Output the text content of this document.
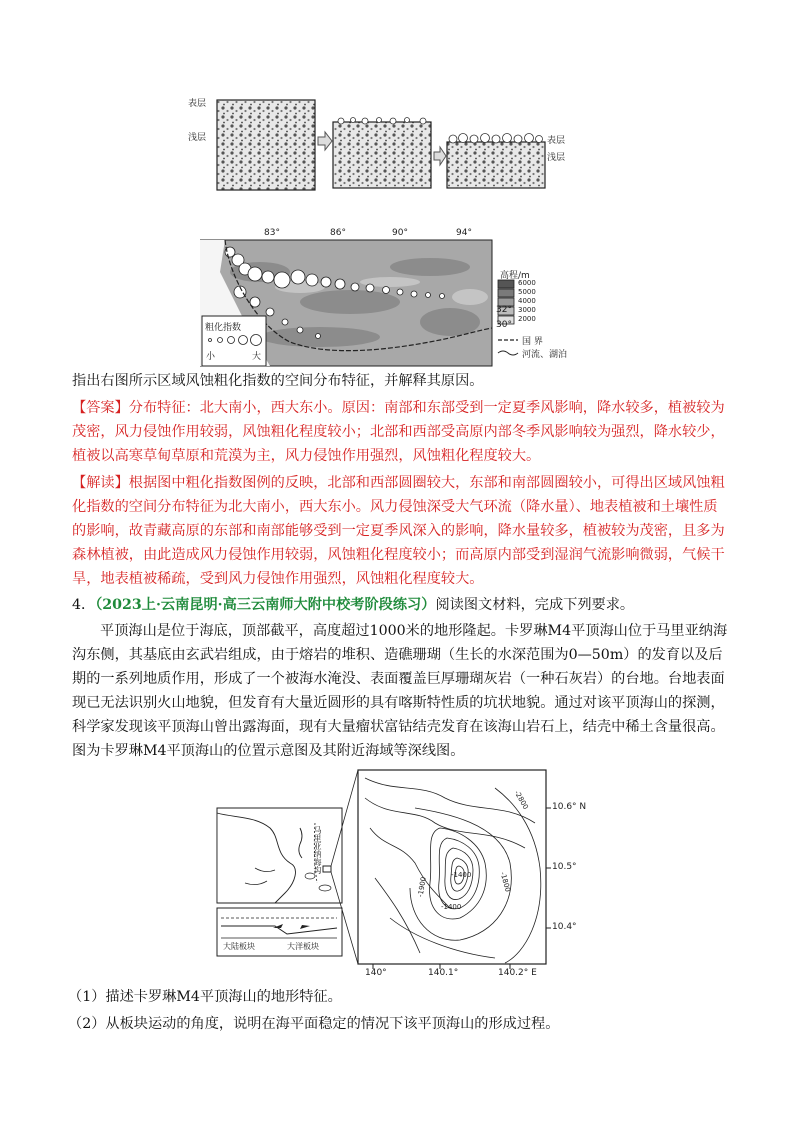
表层
浅层	表层
浅层
83°	86°	90°	94°
32°
30°
高程/m
6000
5000
4000
3000
2000
粗化指数
小	大
国 界
河流、湖泊
指出右图所示区域风蚀粗化指数的空间分布特征，并解释其原因。
【答案】分布特征：北大南小，西大东小。原因：南部和东部受到一定夏季风影响，降水较多，植被较为
茂密，风力侵蚀作用较弱，风蚀粗化程度较小；北部和西部受高原内部冬季风影响较为强烈，降水较少，
植被以高寒草甸草原和荒漠为主，风力侵蚀作用强烈，风蚀粗化程度较大。
【解读】根据图中粗化指数图例的反映，北部和西部圆圈较大，东部和南部圆圈较小，可得出区域风蚀粗
化指数的空间分布特征为北大南小，西大东小。风力侵蚀深受大气环流（降水量）、地表植被和土壤性质
的影响，故青藏高原的东部和南部能够受到一定夏季风深入的影响，降水量较多，植被较为茂密，且多为
森林植被，由此造成风力侵蚀作用较弱，风蚀粗化程度较小；而高原内部受到湿润气流影响微弱，气候干
旱，地表植被稀疏，受到风力侵蚀作用强烈，风蚀粗化程度较大。
4．（2023上·云南昆明·高三云南师大附中校考阶段练习）阅读图文材料，完成下列要求。
平顶海山是位于海底，顶部截平，高度超过1000米的地形隆起。卡罗琳M4平顶海山位于马里亚纳海
沟东侧，其基底由玄武岩组成，由于熔岩的堆积、造礁珊瑚（生长的水深范围为0—50m）的发育以及后
期的一系列地质作用，形成了一个被海水淹没、表面覆盖巨厚珊瑚灰岩（一种石灰岩）的台地。台地表面
现已无法识别火山地貌，但发育有大量近圆形的具有喀斯特性质的坑状地貌。通过对该平顶海山的探测，
科学家发现该平顶海山曾出露海面，现有大量瘤状富钴结壳发育在该海山岩石上，结壳中稀土含量很高。
图为卡罗琳M4平顶海山的位置示意图及其附近海域等深线图。
马里亚纳海沟
大陆板块	大洋板块
10.6° N
10.5°
10.4°
140°	140.1°	140.2° E
-2800
-1900
-1400	-1800
-1400
（1）描述卡罗琳M4平顶海山的地形特征。
（2）从板块运动的角度，说明在海平面稳定的情况下该平顶海山的形成过程。
